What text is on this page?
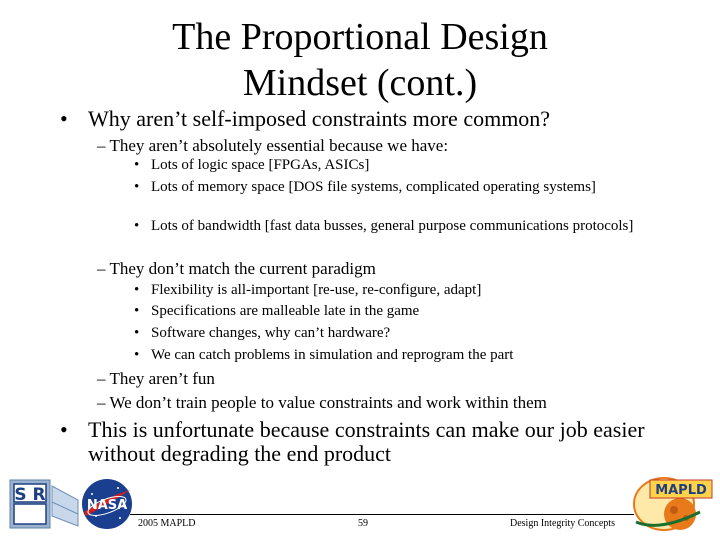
The Proportional Design
Mindset (cont.)
• Why aren’t self-imposed constraints more common?
– They aren’t absolutely essential because we have:
• Lots of logic space [FPGAs, ASICs]
• Lots of memory space [DOS file systems, complicated operating systems]
• Lots of bandwidth [fast data busses, general purpose communications protocols]
– They don’t match the current paradigm
• Flexibility is all-important [re-use, re-configure, adapt]
• Specifications are malleable late in the game
• Software changes, why can’t hardware?
• We can catch problems in simulation and reprogram the part
– They aren’t fun
– We don’t train people to value constraints and work within them
• This is unfortunate because constraints can make our job easier without degrading the end product
2005 MAPLD	59	Design Integrity Concepts
S R
NASA
MAPLD
